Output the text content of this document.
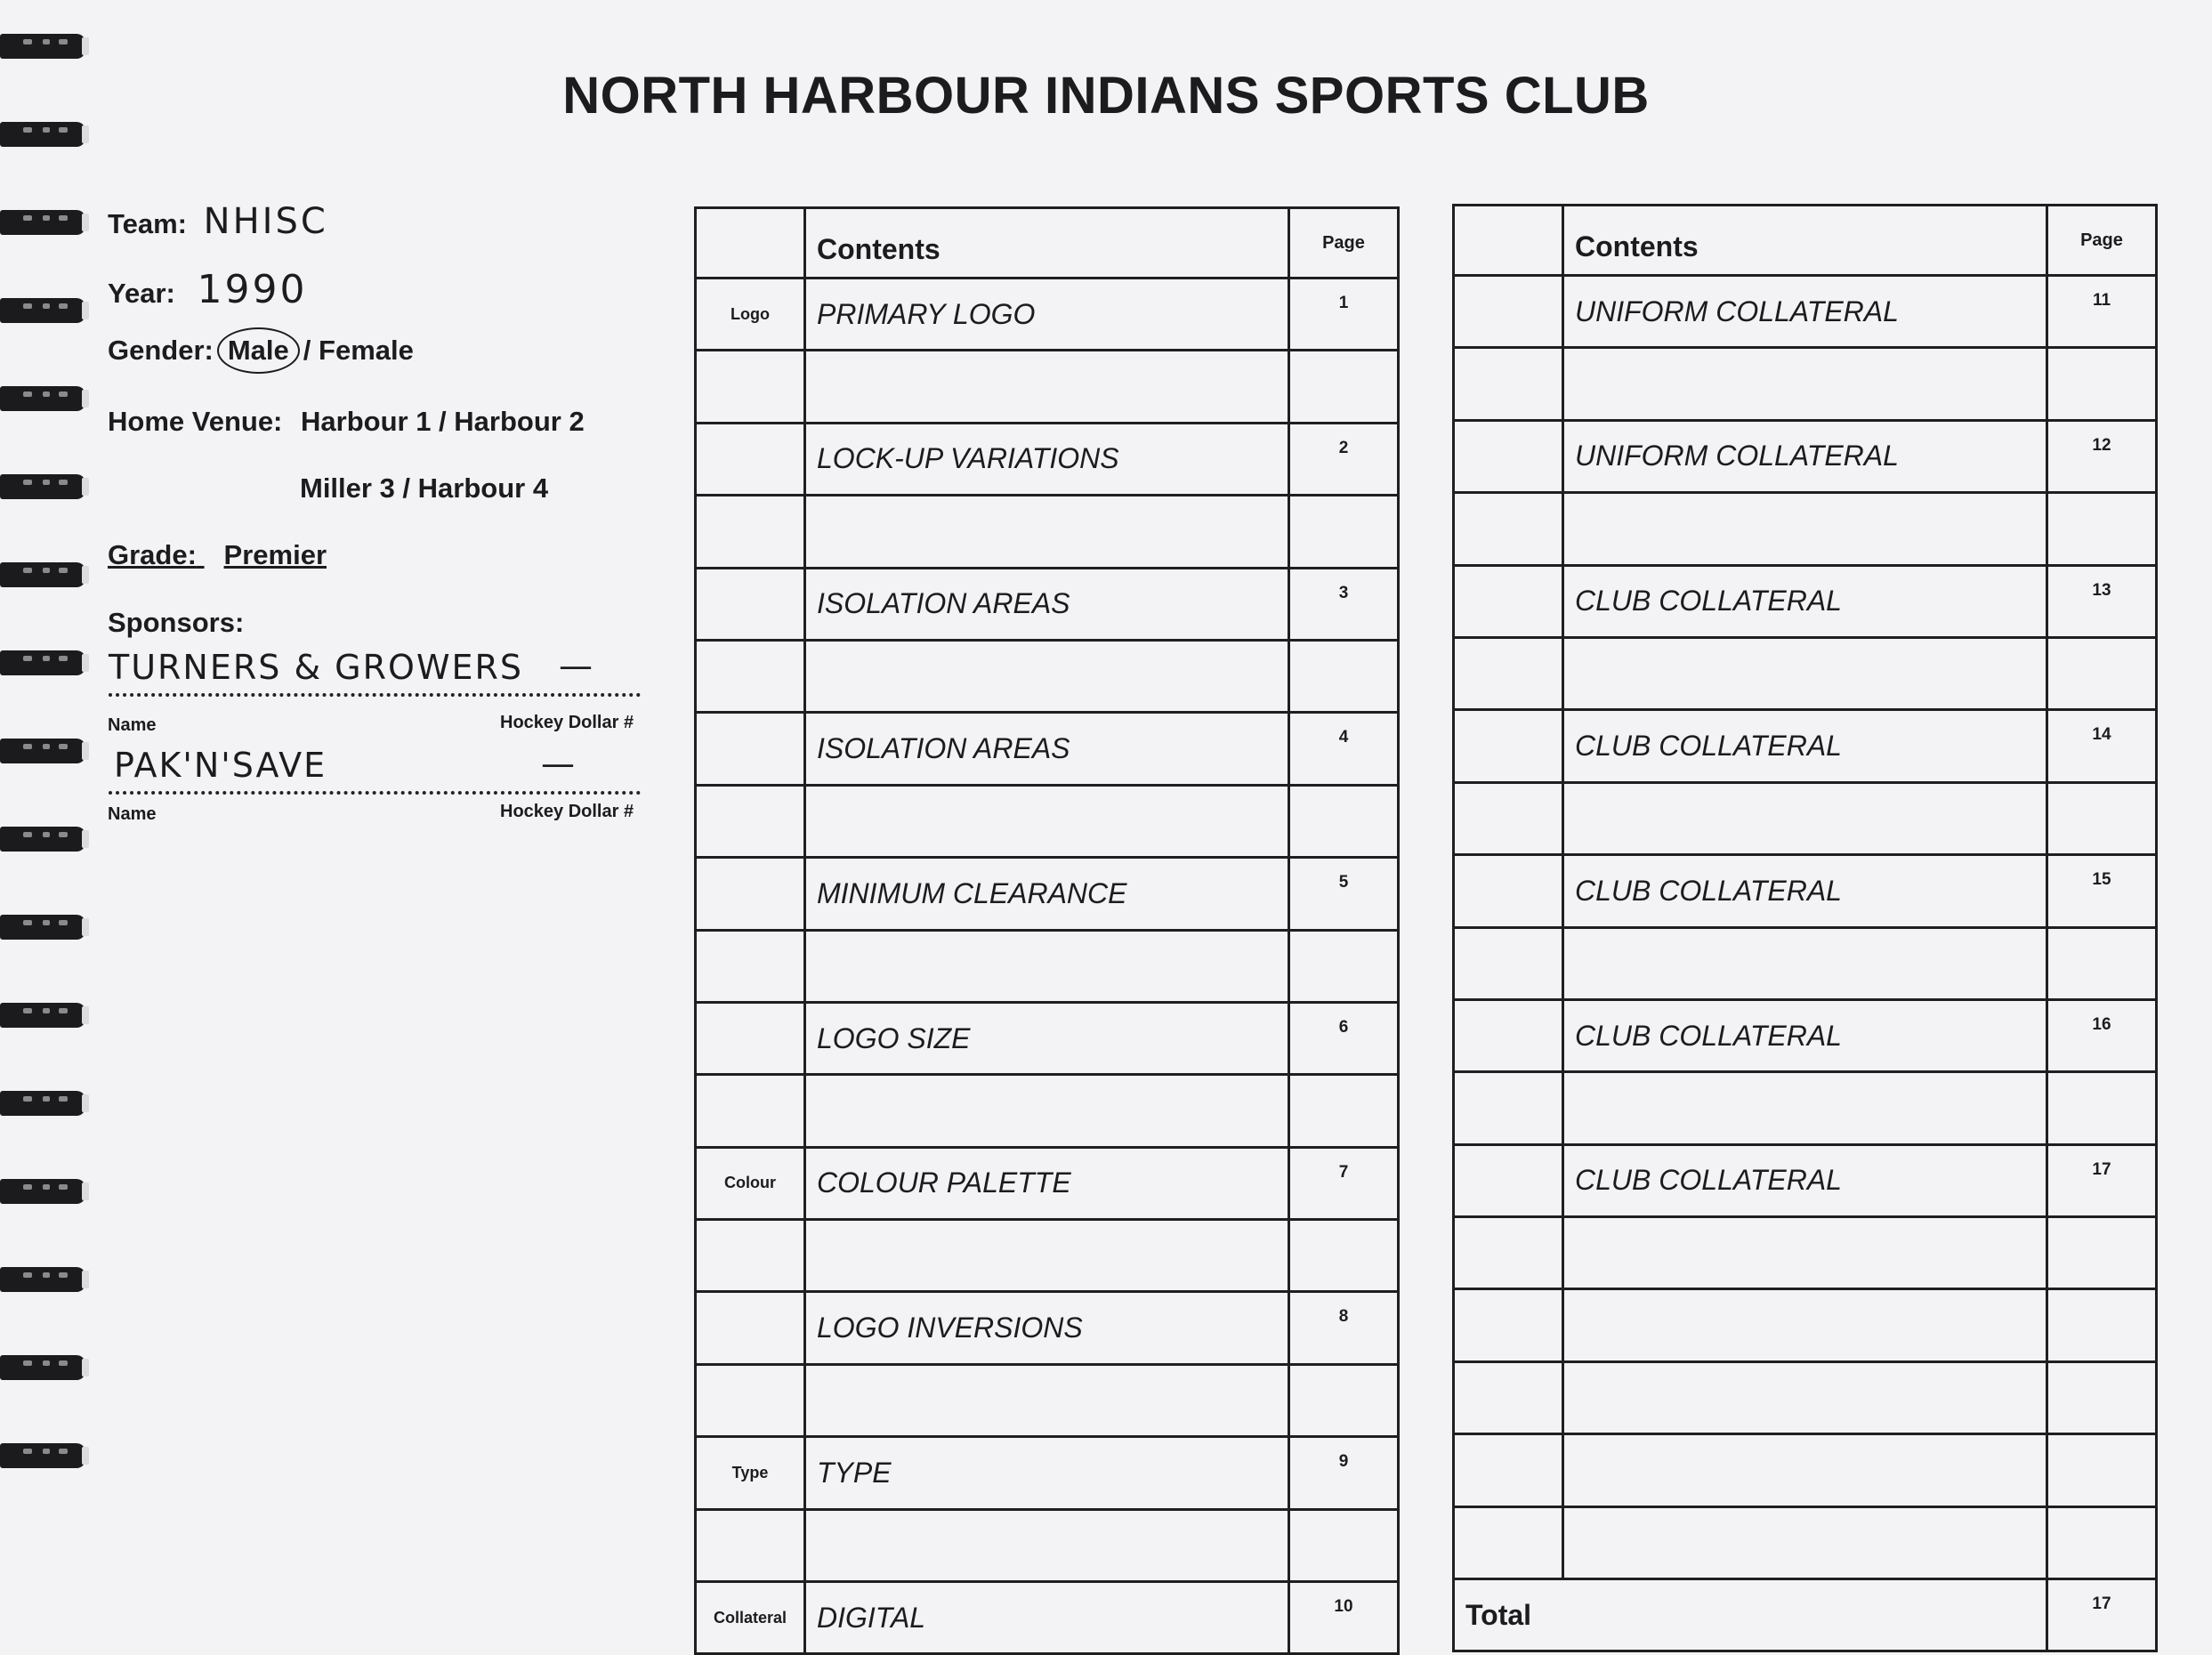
NORTH HARBOUR INDIANS SPORTS CLUB
Team: NHISC
Year: 1990
Gender: Male / Female
Home Venue: Harbour 1 / Harbour 2
Miller 3 / Harbour 4
Grade: Premier
Sponsors:
TURNERS & GROWERS —
Name	Hockey Dollar #
PAK'N'SAVE	—
Name	Hockey Dollar #
	Contents	Page
Logo	PRIMARY LOGO	1

	LOCK-UP VARIATIONS	2

	ISOLATION AREAS	3

	ISOLATION AREAS	4

	MINIMUM CLEARANCE	5

	LOGO SIZE	6

Colour	COLOUR PALETTE	7

	LOGO INVERSIONS	8

Type	TYPE	9

Collateral	DIGITAL	10
	Contents	Page
	UNIFORM COLLATERAL	11

	UNIFORM COLLATERAL	12

	CLUB COLLATERAL	13

	CLUB COLLATERAL	14

	CLUB COLLATERAL	15

	CLUB COLLATERAL	16

	CLUB COLLATERAL	17

Total		17
